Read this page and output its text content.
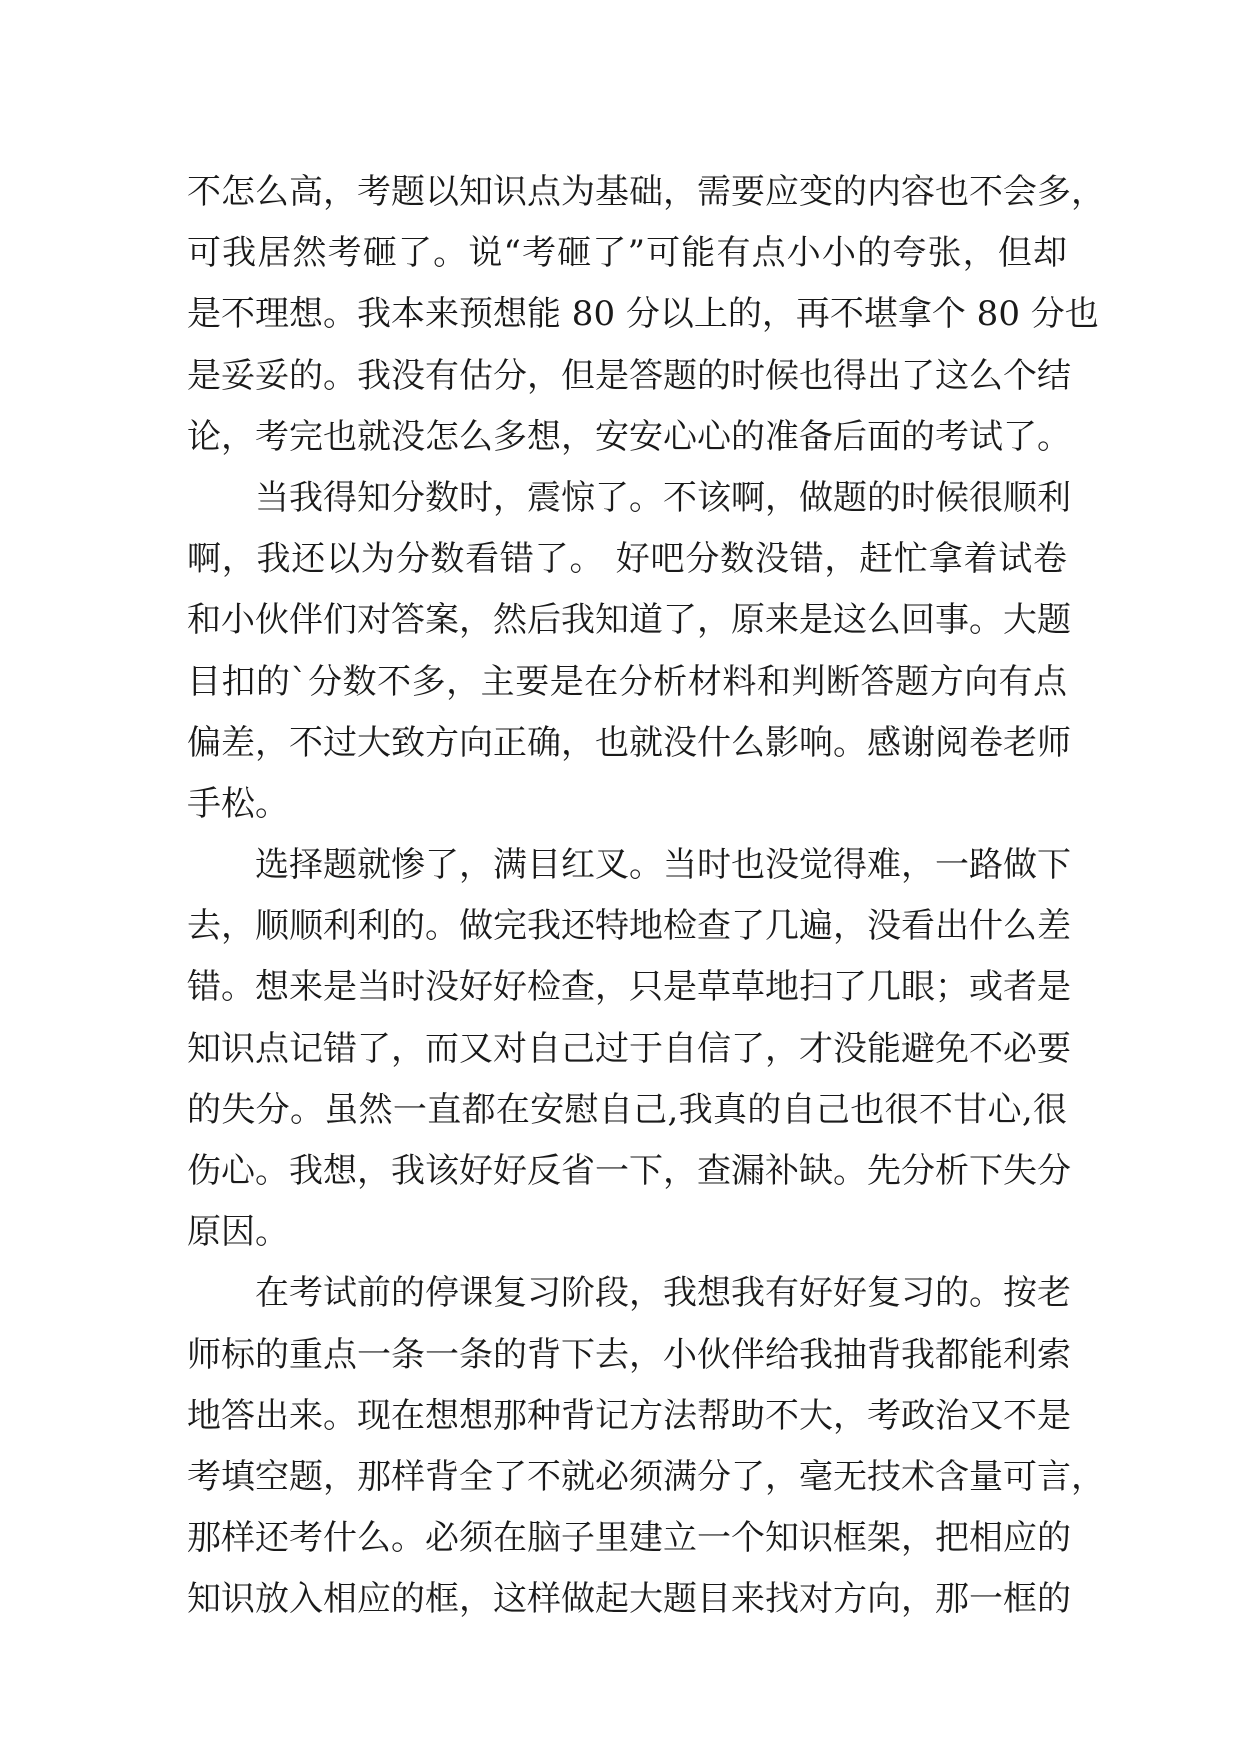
不怎么高，考题以知识点为基础，需要应变的内容也不会多，
可我居然考砸了。说“考砸了”可能有点小小的夸张，但却
是不理想。我本来预想能 80 分以上的，再不堪拿个 80 分也
是妥妥的。我没有估分，但是答题的时候也得出了这么个结
论，考完也就没怎么多想，安安心心的准备后面的考试了。
当我得知分数时，震惊了。不该啊，做题的时候很顺利
啊，我还以为分数看错了。 好吧分数没错，赶忙拿着试卷
和小伙伴们对答案，然后我知道了，原来是这么回事。大题
目扣的`分数不多，主要是在分析材料和判断答题方向有点
偏差，不过大致方向正确，也就没什么影响。感谢阅卷老师
手松。
选择题就惨了，满目红叉。当时也没觉得难，一路做下
去，顺顺利利的。做完我还特地检查了几遍，没看出什么差
错。想来是当时没好好检查，只是草草地扫了几眼；或者是
知识点记错了，而又对自己过于自信了，才没能避免不必要
的失分。虽然一直都在安慰自己,我真的自己也很不甘心,很
伤心。我想，我该好好反省一下，查漏补缺。先分析下失分
原因。
在考试前的停课复习阶段，我想我有好好复习的。按老
师标的重点一条一条的背下去，小伙伴给我抽背我都能利索
地答出来。现在想想那种背记方法帮助不大，考政治又不是
考填空题，那样背全了不就必须满分了，毫无技术含量可言，
那样还考什么。必须在脑子里建立一个知识框架，把相应的
知识放入相应的框，这样做起大题目来找对方向，那一框的
